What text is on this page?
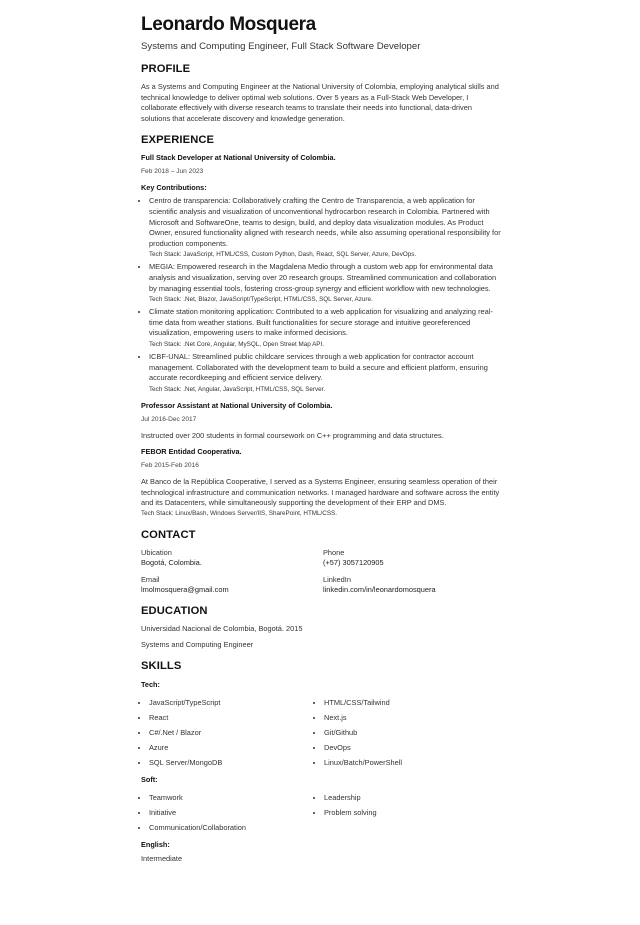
Leonardo Mosquera
Systems and Computing Engineer, Full Stack Software Developer
PROFILE

As a Systems and Computing Engineer at the National University of Colombia, employing analytical skills and technical knowledge to deliver optimal web solutions. Over 5 years as a Full-Stack Web Developer, I collaborate effectively with diverse research teams to translate their needs into functional, data-driven solutions that accelerate discovery and knowledge generation.

EXPERIENCE
Full Stack Developer at National University of Colombia.
Feb 2018 – Jun 2023
Key Contributions:
• Centro de transparencia: Collaboratively crafting the Centro de Transparencia, a web application for scientific analysis and visualization of unconventional hydrocarbon research in Colombia. Partnered with Microsoft and SoftwareOne, teams to design, build, and deploy data visualization modules. As Product Owner, ensured functionality aligned with research needs, while also assuming operational responsibility for production components.
Tech Stack: JavaScript, HTML/CSS, Custom Python, Dash, React, SQL Server, Azure, DevOps.
• MEGIA: Empowered research in the Magdalena Medio through a custom web app for environmental data analysis and visualization, serving over 20 research groups. Streamlined communication and collaboration by managing essential tools, fostering cross-group synergy and efficient workflow with new technologies.
Tech Stack: .Net, Blazor, JavaScript/TypeScript, HTML/CSS, SQL Server, Azure.
• Climate station monitoring application: Contributed to a web application for visualizing and analyzing real-time data from weather stations. Built functionalities for secure storage and intuitive georeferenced visualization, empowering users to make informed decisions.
Tech Stack: .Net Core, Angular, MySQL, Open Street Map API.
• ICBF-UNAL: Streamlined public childcare services through a web application for contractor account management. Collaborated with the development team to build a secure and efficient platform, ensuring accurate recordkeeping and efficient service delivery.
Tech Stack: .Net, Angular, JavaScript, HTML/CSS, SQL Server.
Professor Assistant at National University of Colombia.
Jul 2016-Dec 2017

Instructed over 200 students in formal coursework on C++ programming and data structures.

FEBOR Entidad Cooperativa.
Feb 2015-Feb 2016

At Banco de la República Cooperative, I served as a Systems Engineer, ensuring seamless operation of their technological infrastructure and communication networks. I managed hardware and software across the entity and its Datacenters, while simultaneously supporting the development of their ERP and DMS.

Tech Stack: Linux/Bash, Windows Server/IIS, SharePoint, HTML/CSS.
CONTACT
Ubication
Bogotá, Colombia.
Phone
(+57) 3057120905
Email
lmolmosquera@gmail.com
LinkedIn
linkedin.com/in/leonardomosquera
EDUCATION

Universidad Nacional de Colombia, Bogotá. 2015

Systems and Computing Engineer

SKILLS
Tech:
• JavaScript/TypeScript	• HTML/CSS/Tailwind
• React	• Next.js
• C#/.Net / Blazor	• Git/Github
• Azure	• DevOps
• SQL Server/MongoDB	• Linux/Batch/PowerShell
Soft:
• Teamwork	• Leadership
• Initiative	• Problem solving
• Communication/Collaboration
English:

Intermediate
